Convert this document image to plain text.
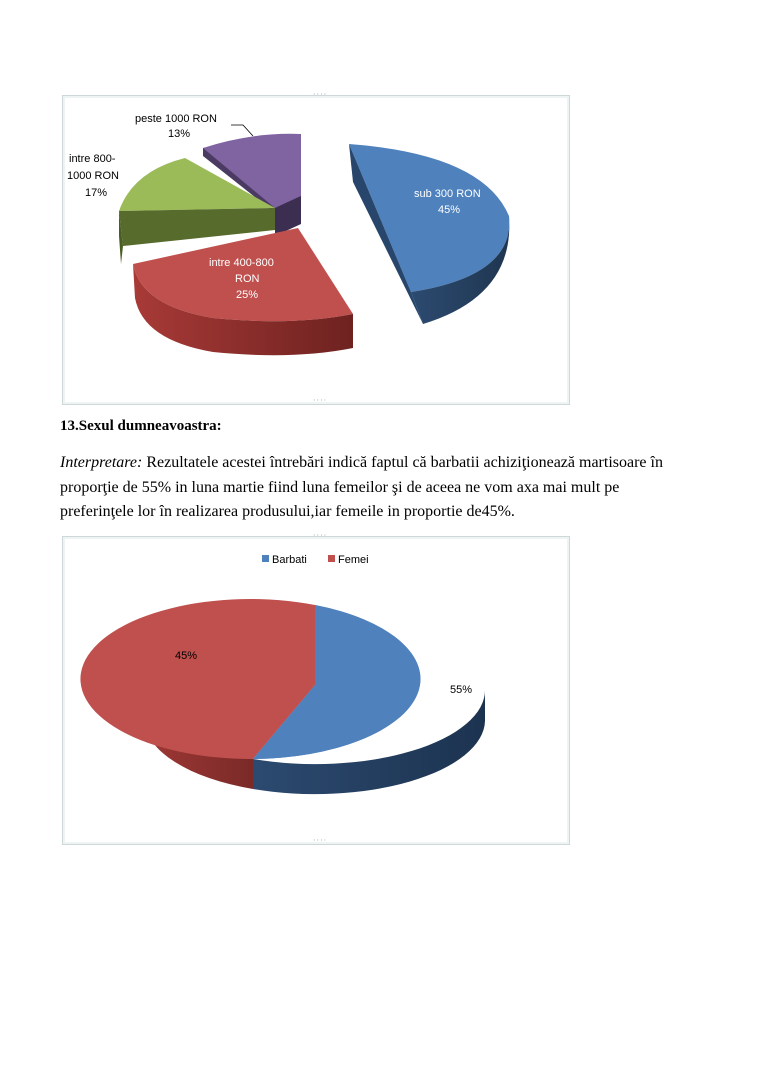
peste 1000 RON
13%
intre 800-
1000 RON
17%	sub 300 RON
45%
intre 400-800
RON
25%
····
····
13.Sexul dumneavoastra:
Interpretare: Rezultatele acestei întrebări indică faptul că barbatii achiziţionează martisoare în
proporţie de 55% in luna martie fiind luna femeilor şi de aceea ne vom axa mai mult pe
preferinţele lor în realizarea produsului,iar femeile in proportie de45%.
Barbati	Femei
45%
55%
····
····
